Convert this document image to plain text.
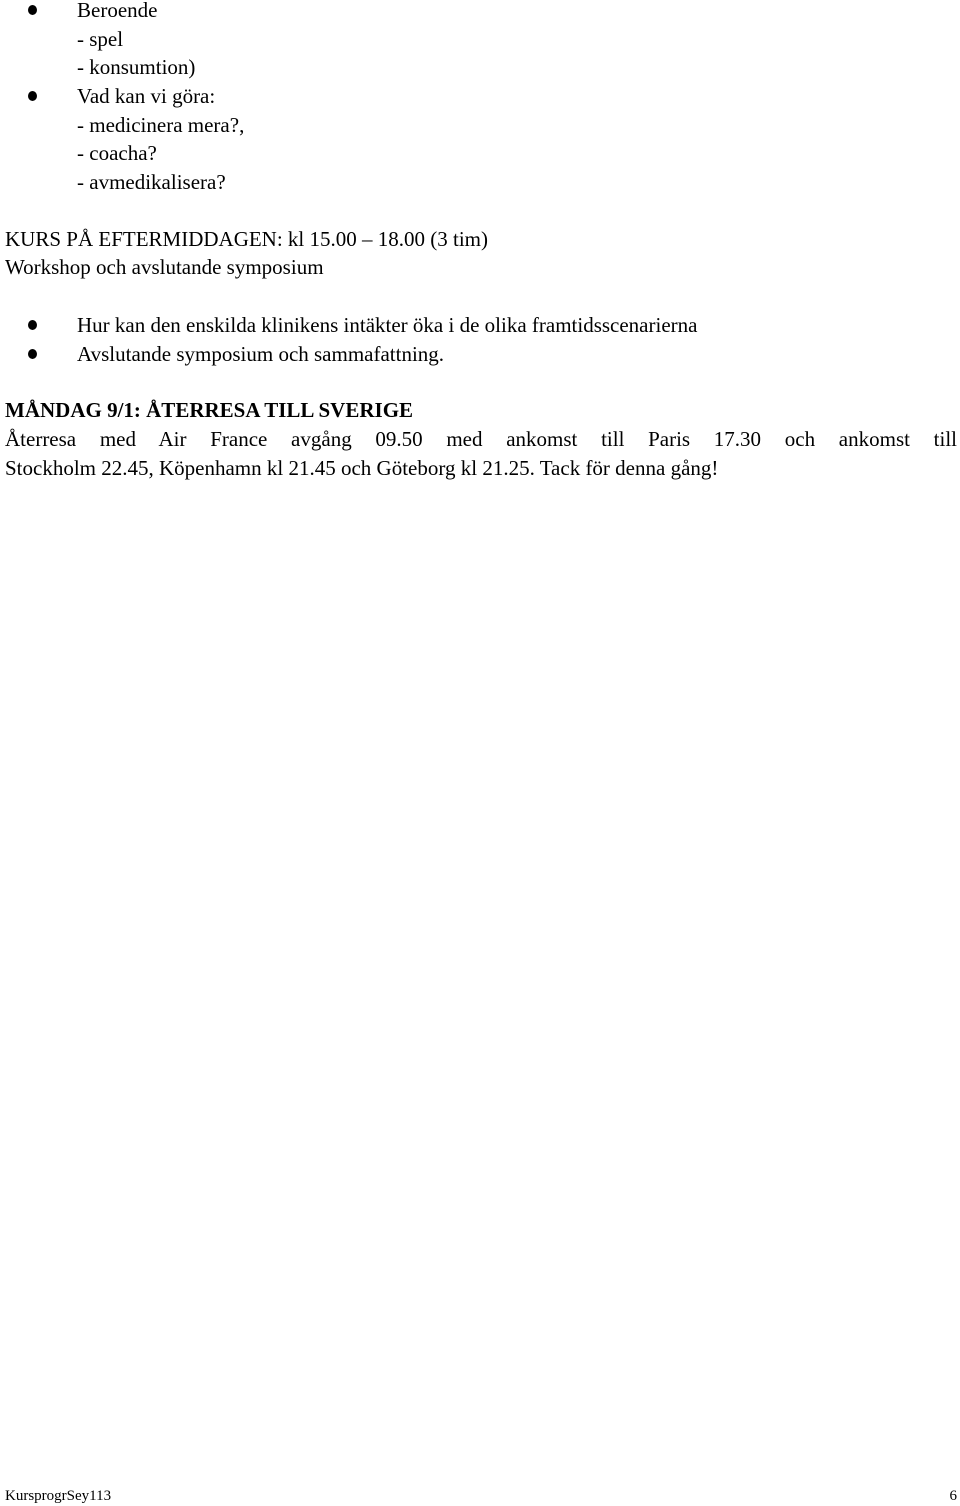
Beroende
- spel
- konsumtion)
Vad kan vi göra:
- medicinera mera?,
- coacha?
- avmedikalisera?
KURS PÅ EFTERMIDDAGEN: kl 15.00 – 18.00 (3 tim)
Workshop och avslutande symposium
Hur kan den enskilda klinikens intäkter öka i de olika framtidsscenarierna
Avslutande symposium och sammafattning.
MÅNDAG 9/1: ÅTERRESA TILL SVERIGE
Återresa med Air France avgång 09.50 med ankomst till Paris 17.30 och ankomst till
Stockholm 22.45, Köpenhamn kl 21.45 och Göteborg kl 21.25. Tack för denna gång!
KursprogrSey113	6
